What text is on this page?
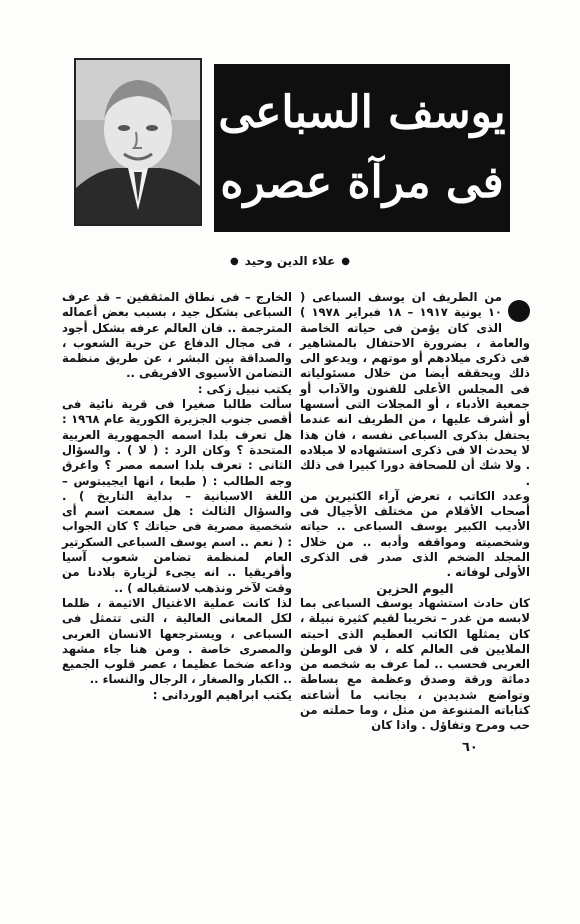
يوسف السباعى
فى مرآة عصره
●
علاء الدين وحيد
●

من الطريف ان يوسف السباعى ( ١٠ يونية ١٩١٧ – ١٨ فبراير ١٩٧٨ ) الذى كان يؤمن فى حياته الخاصة والعامة ، بضرورة الاحتفال بالمشاهير فى ذكرى ميلادهم أو موتهم ، ويدعو الى ذلك ويحققه أيضا من خلال مسئولياته فى المجلس الأعلى للفنون والآداب أو جمعية الأدباء ، أو المجلات التى أسسها أو أشرف عليها ، من الطريف انه عندما يحتفل بذكرى السباعى نفسه ، فان هذا لا يحدث الا فى ذكرى استشهاده لا ميلاده . ولا شك أن للصحافة دورا كبيرا فى ذلك .

وعدد الكاتب ، تعرض آراء الكثيرين من أصحاب الأقلام من مختلف الأجيال فى الأديب الكبير يوسف السباعى .. حياته وشخصيته ومواقفه وأدبه .. من خلال المجلد الضخم الذى صدر فى الذكرى الأولى لوفاته .

اليوم الحزين

كان حادث استشهاد يوسف السباعى بما لابسه من غدر – تخريبا لقيم كثيرة نبيلة ، كان يمثلها الكاتب العظيم الذى احبته الملايين فى العالم كله ، لا فى الوطن العربى فحسب .. لما عرف به شخصه من دماثة ورقة وصدق وعظمة مع بساطة وتواضع شديدين ، بجانب ما أشاعته كتاباته المتنوعة من مثل ، وما حملته من حب ومرح وتفاؤل . واذا كان

الخارج – فى نطاق المثقفين – قد عرف السباعى بشكل جيد ، بسبب بعض أعماله المترجمة .. فان العالم عرفه بشكل أجود ، فى مجال الدفاع عن حرية الشعوب ، والصداقة بين البشر ، عن طريق منظمة التضامن الأسيوى الافريقى ..

يكتب نبيل زكى :

سألت طالبا صغيرا فى قرية نائية فى أقصى جنوب الجزيرة الكورية عام ١٩٦٨ : هل تعرف بلدا اسمه الجمهورية العربية المتحدة ؟ وكان الرد : ( لا ) . والسؤال الثانى : تعرف بلدا اسمه مصر ؟ واغرق وجه الطالب : ( طبعا ، انها ايجيبتوس – اللغة الاسبانية – بداية التاريخ ) . والسؤال الثالث : هل سمعت اسم أى شخصية مصرية فى حياتك ؟ كان الجواب : ( نعم .. اسم يوسف السباعى السكرتير العام لمنظمة تضامن شعوب آسيا وأفريقيا .. انه يجىء لزيارة بلادنا من وقت لآخر ونذهب لاستقباله ) ..

لذا كانت عملية الاغتيال الاثيمة ، ظلما لكل المعانى العالية ، التى تتمثل فى السباعى ، ويسترجعها الانسان العربى والمصرى خاصة . ومن هنا جاء مشهد وداعه ضخما عظيما ، عصر قلوب الجميع .. الكبار والصغار ، الرجال والنساء ..

يكتب ابراهيم الوردانى :

٦٠
